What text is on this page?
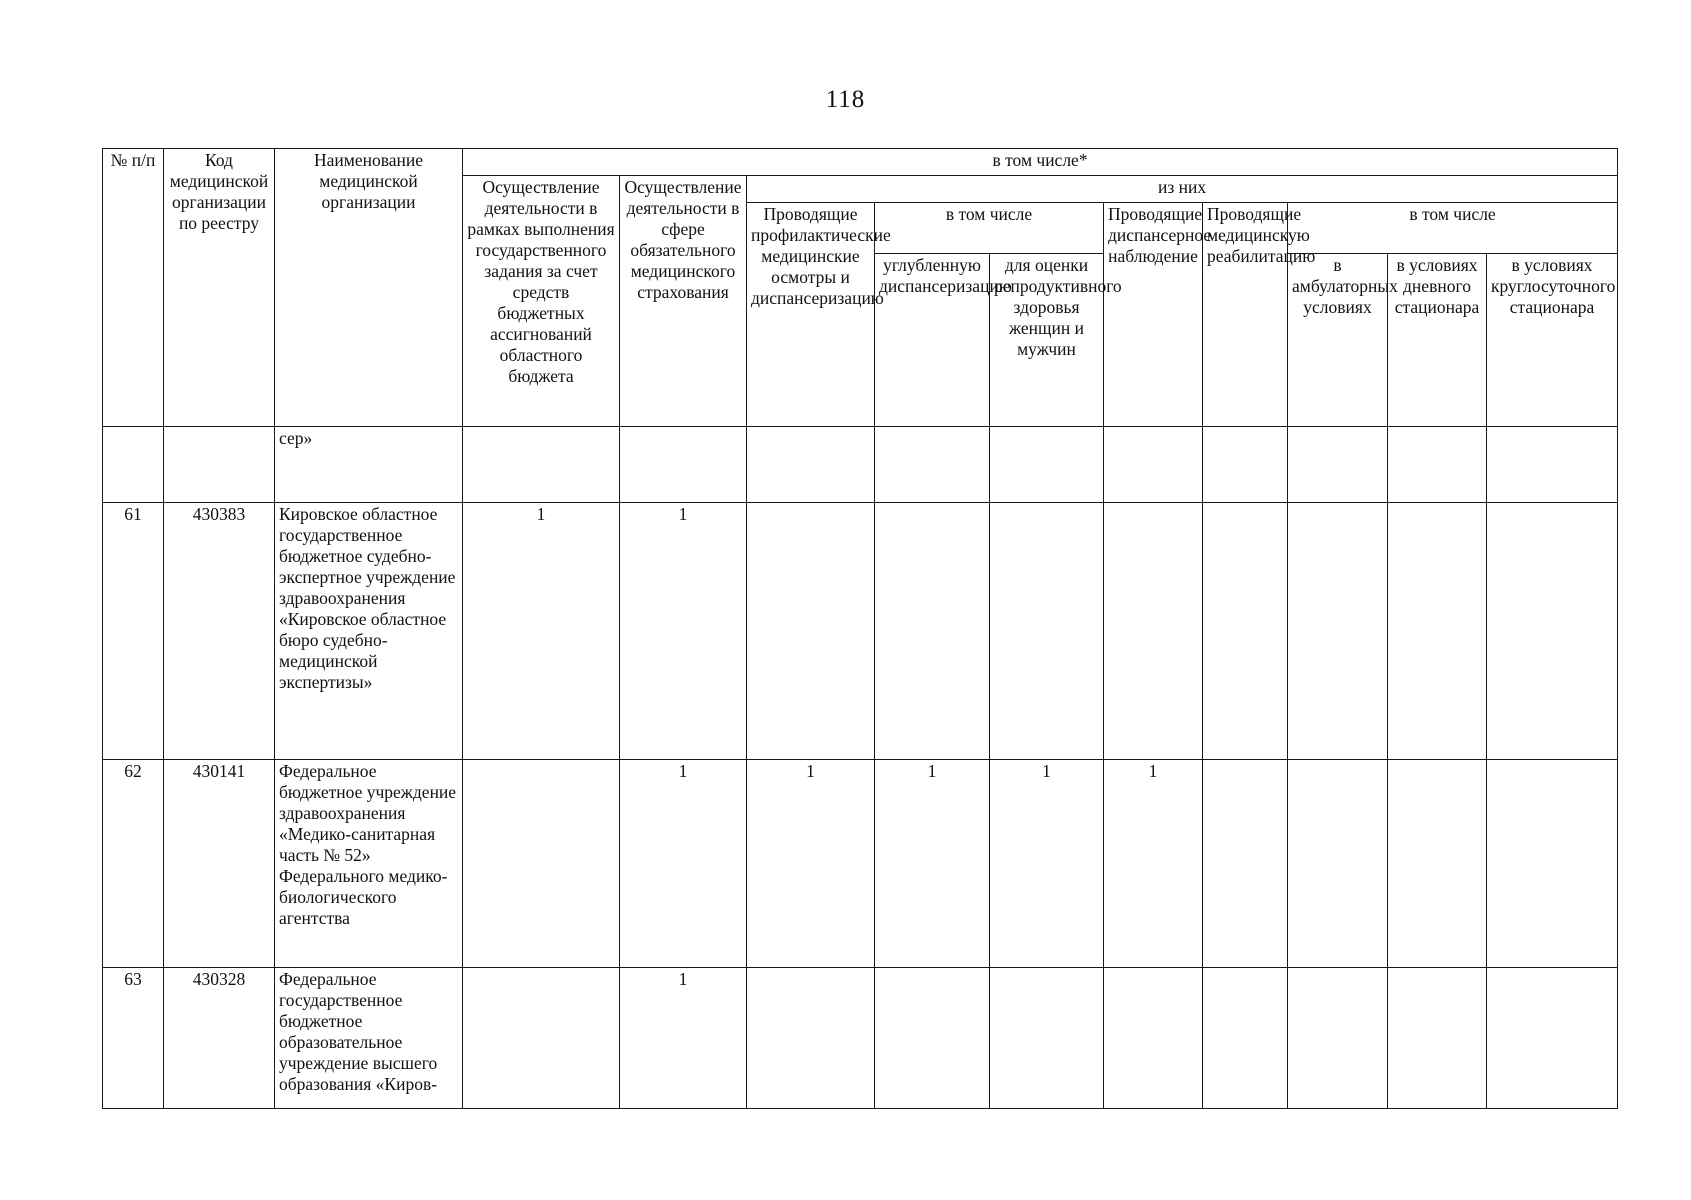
118
№ п/п	Код медицинской организации по реестру	Наименование медицинской организации	в том числе*									
			Осуществление деятельности в рамках выполнения государственного задания за счет средств бюджетных ассигнований областного бюджета	Осуществление деятельности в сфере обязательного медицинского страхования	из них							
					Проводящие профилактические медицинские осмотры и диспансеризацию	в том числе		Проводящие диспансерное наблюдение	Проводящие медицинскую реабилитацию	в том числе		
						углубленную диспансеризацию	для оценки репродуктивного здоровья женщин и мужчин			в амбулаторных условиях	в условиях дневного стационара	в условиях круглосуточного стационара
		сер»										
61	430383	Кировское областное государственное бюджетное судебно-экспертное учреждение здравоохранения «Кировское областное бюро судебно-медицинской экспертизы»	1	1								
62	430141	Федеральное бюджетное учреждение здравоохранения «Медико-санитарная часть № 52» Федерального медико-биологического агентства		1	1	1	1	1				
63	430328	Федеральное государственное бюджетное образовательное учреждение высшего образования «Киров-		1								
